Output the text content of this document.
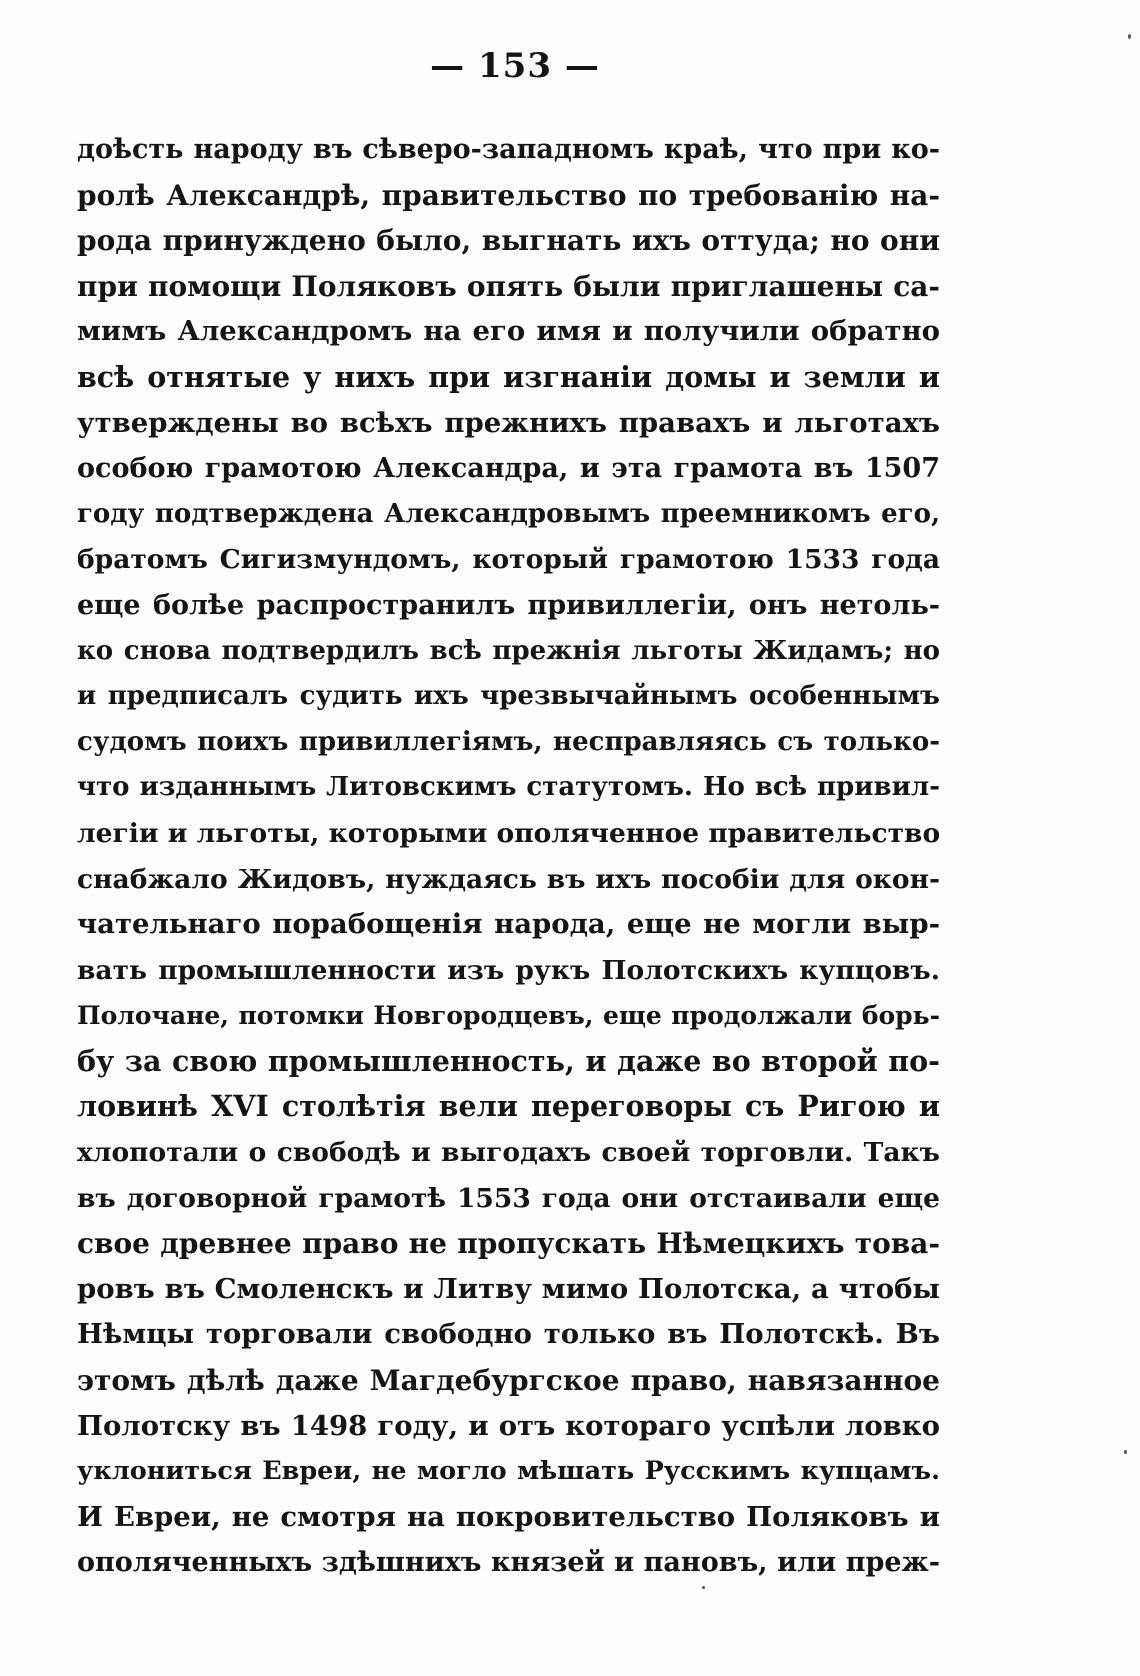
— 153 —
доѣсть народу въ сѣверо-западномъ краѣ, что при ко-
ролѣ Александрѣ, правительство по требованію на-
рода принуждено было, выгнать ихъ оттуда; но они
при помощи Поляковъ опять были приглашены са-
мимъ Александромъ на его имя и получили обратно
всѣ отнятые у нихъ при изгнаніи домы и земли и
утверждены во всѣхъ прежнихъ правахъ и льготахъ
особою грамотою Александра, и эта грамота въ 1507
году подтверждена Александровымъ преемникомъ его,
братомъ Сигизмундомъ, который грамотою 1533 года
еще болѣе распространилъ привиллегіи, онъ нетоль-
ко снова подтвердилъ всѣ прежнія льготы Жидамъ; но
и предписалъ судить ихъ чрезвычайнымъ особеннымъ
судомъ поихъ привиллегіямъ, несправляясь съ только-
что изданнымъ Литовскимъ статутомъ. Но всѣ привил-
легіи и льготы, которыми ополяченное правительство
снабжало Жидовъ, нуждаясь въ ихъ пособіи для окон-
чательнаго порабощенія народа, еще не могли выр-
вать промышленности изъ рукъ Полотскихъ купцовъ.
Полочане, потомки Новгородцевъ, еще продолжали борь-
бу за свою промышленность, и даже во второй по-
ловинѣ XVI столѣтія вели переговоры съ Ригою и
хлопотали о свободѣ и выгодахъ своей торговли. Такъ
въ договорной грамотѣ 1553 года они отстаивали еще
свое древнее право не пропускать Нѣмецкихъ това-
ровъ въ Смоленскъ и Литву мимо Полотска, а чтобы
Нѣмцы торговали свободно только въ Полотскѣ. Въ
этомъ дѣлѣ даже Магдебургское право, навязанное
Полотску въ 1498 году, и отъ котораго успѣли ловко
уклониться Евреи, не могло мѣшать Русскимъ купцамъ.
И Евреи, не смотря на покровительство Поляковъ и
ополяченныхъ здѣшнихъ князей и пановъ, или преж-
